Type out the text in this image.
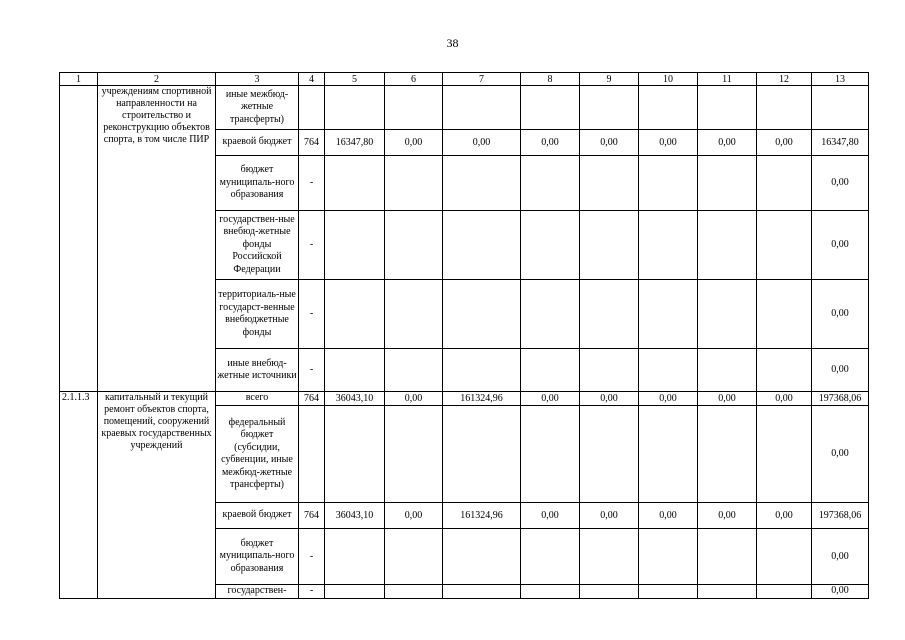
38
1	2	3	4	5	6	7	8	9	10	11	12	13
	учреждениям спортивной направленности на строительство и реконструкцию объектов спорта, в том числе ПИР	иные межбюд-жетные трансферты)										
		краевой бюджет	764	16347,80	0,00	0,00	0,00	0,00	0,00	0,00	0,00	16347,80
		бюджет муниципаль-ного образования	-									0,00
		государствен-ные внебюд-жетные фонды Российской Федерации	-									0,00
		территориаль-ные государст-венные внебюджетные фонды	-									0,00
		иные внебюд-жетные источники	-									0,00
2.1.1.3	капитальный и текущий ремонт объектов спорта, помещений, сооружений краевых государственных учреждений	всего	764	36043,10	0,00	161324,96	0,00	0,00	0,00	0,00	0,00	197368,06
		федеральный бюджет (субсидии, субвенции, иные межбюд-жетные трансферты)										0,00
		краевой бюджет	764	36043,10	0,00	161324,96	0,00	0,00	0,00	0,00	0,00	197368,06
		бюджет муниципаль-ного образования	-									0,00
		государствен-	-									0,00
